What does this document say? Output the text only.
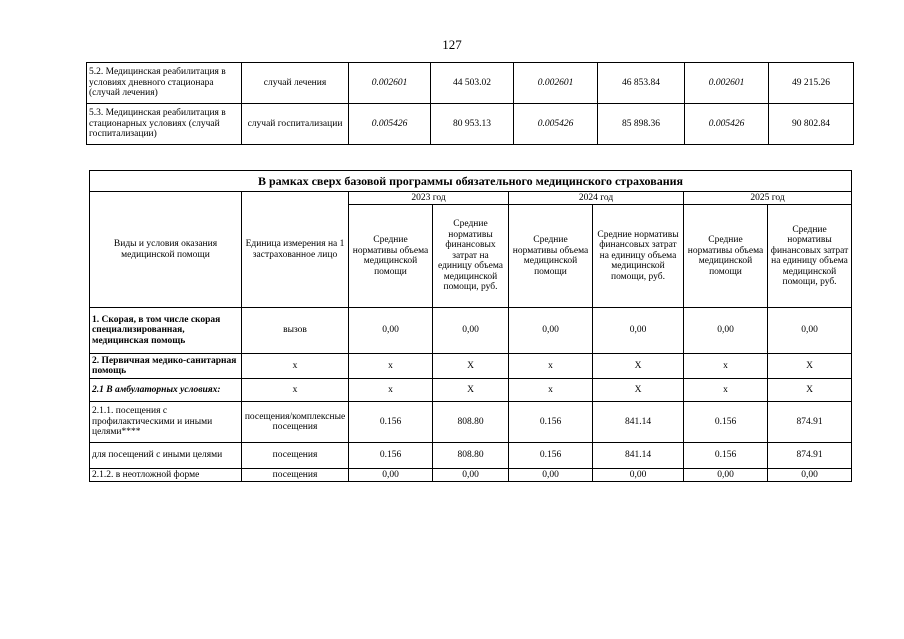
127
5.2. Медицинская реабилитация в условиях дневного стационара (случай лечения)	случай лечения	0.002601	44 503.02	0.002601	46 853.84	0.002601	49 215.26
5.3. Медицинская реабилитация в стационарных условиях (случай госпитализации)	случай госпитализации	0.005426	80 953.13	0.005426	85 898.36	0.005426	90 802.84
В рамках сверх базовой программы обязательного медицинского страхования							
Виды и условия оказания медицинской помощи	Единица измерения на 1 застрахованное лицо	2023 год		2024 год		2025 год	
		Средние нормативы объема медицинской помощи	Средние нормативы финансовых затрат на единицу объема медицинской помощи, руб.	Средние нормативы объема медицинской помощи	Средние нормативы финансовых затрат на единицу объема медицинской помощи, руб.	Средние нормативы объема медицинской помощи	Средние нормативы финансовых затрат на единицу объема медицинской помощи, руб.
1. Скорая, в том числе скорая специализированная, медицинская помощь	вызов	0,00	0,00	0,00	0,00	0,00	0,00
2. Первичная медико-санитарная помощь	х	х	Х	х	Х	х	Х
2.1 В амбулаторных условиях:	х	х	Х	х	Х	х	Х
2.1.1. посещения с профилактическими и иными целями****	посещения/комплексные посещения	0.156	808.80	0.156	841.14	0.156	874.91
для посещений с иными целями	посещения	0.156	808.80	0.156	841.14	0.156	874.91
2.1.2. в неотложной форме	посещения	0,00	0,00	0,00	0,00	0,00	0,00
